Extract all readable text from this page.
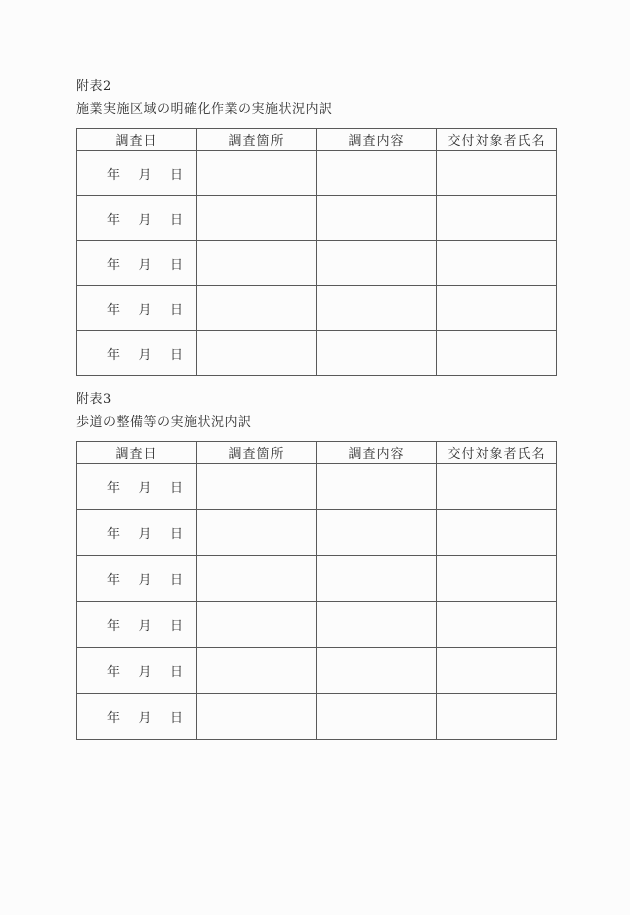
附表2
施業実施区域の明確化作業の実施状況内訳
調査日	調査箇所	調査内容	交付対象者氏名

年 月 日			

年 月 日			

年 月 日			

年 月 日			

年 月 日			

附表3
歩道の整備等の実施状況内訳
調査日	調査箇所	調査内容	交付対象者氏名

年 月 日			

年 月 日			

年 月 日			

年 月 日			

年 月 日			

年 月 日			
